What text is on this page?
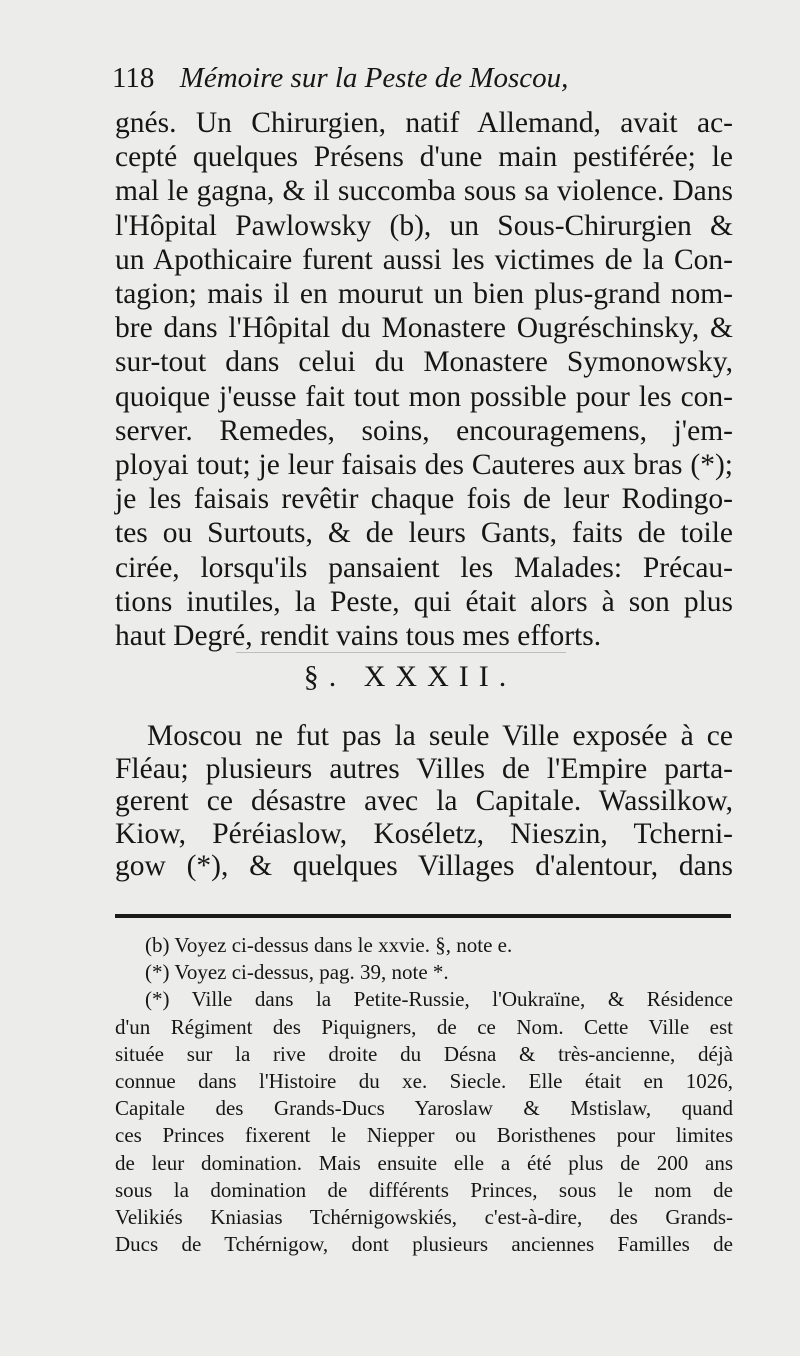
118 Mémoire sur la Peste de Moscou,
gnés. Un Chirurgien, natif Allemand, avait ac-
cepté quelques Présens d'une main pestiférée; le
mal le gagna, & il succomba sous sa violence. Dans
l'Hôpital Pawlowsky (b), un Sous-Chirurgien &
un Apothicaire furent aussi les victimes de la Con-
tagion; mais il en mourut un bien plus-grand nom-
bre dans l'Hôpital du Monastere Ougréschinsky, &
sur-tout dans celui du Monastere Symonowsky,
quoique j'eusse fait tout mon possible pour les con-
server. Remedes, soins, encouragemens, j'em-
ployai tout; je leur faisais des Cauteres aux bras (*);
je les faisais revêtir chaque fois de leur Rodingo-
tes ou Surtouts, & de leurs Gants, faits de toile
cirée, lorsqu'ils pansaient les Malades: Précau-
tions inutiles, la Peste, qui était alors à son plus
haut Degré, rendit vains tous mes efforts.
§. XXXII.
Moscou ne fut pas la seule Ville exposée à ce
Fléau; plusieurs autres Villes de l'Empire parta-
gerent ce désastre avec la Capitale. Wassilkow,
Kiow, Péréiaslow, Koséletz, Nieszin, Tcherni-
gow (*), & quelques Villages d'alentour, dans
(b) Voyez ci-dessus dans le xxvie. §, note e.
(*) Voyez ci-dessus, pag. 39, note *.
(*) Ville dans la Petite-Russie, l'Oukraïne, & Résidence
d'un Régiment des Piquigners, de ce Nom. Cette Ville est
située sur la rive droite du Désna & très-ancienne, déjà
connue dans l'Histoire du xe. Siecle. Elle était en 1026,
Capitale des Grands-Ducs Yaroslaw & Mstislaw, quand
ces Princes fixerent le Niepper ou Boristhenes pour limites
de leur domination. Mais ensuite elle a été plus de 200 ans
sous la domination de différents Princes, sous le nom de
Velikiés Kniasias Tchérnigowskiés, c'est-à-dire, des Grands-
Ducs de Tchérnigow, dont plusieurs anciennes Familles de
